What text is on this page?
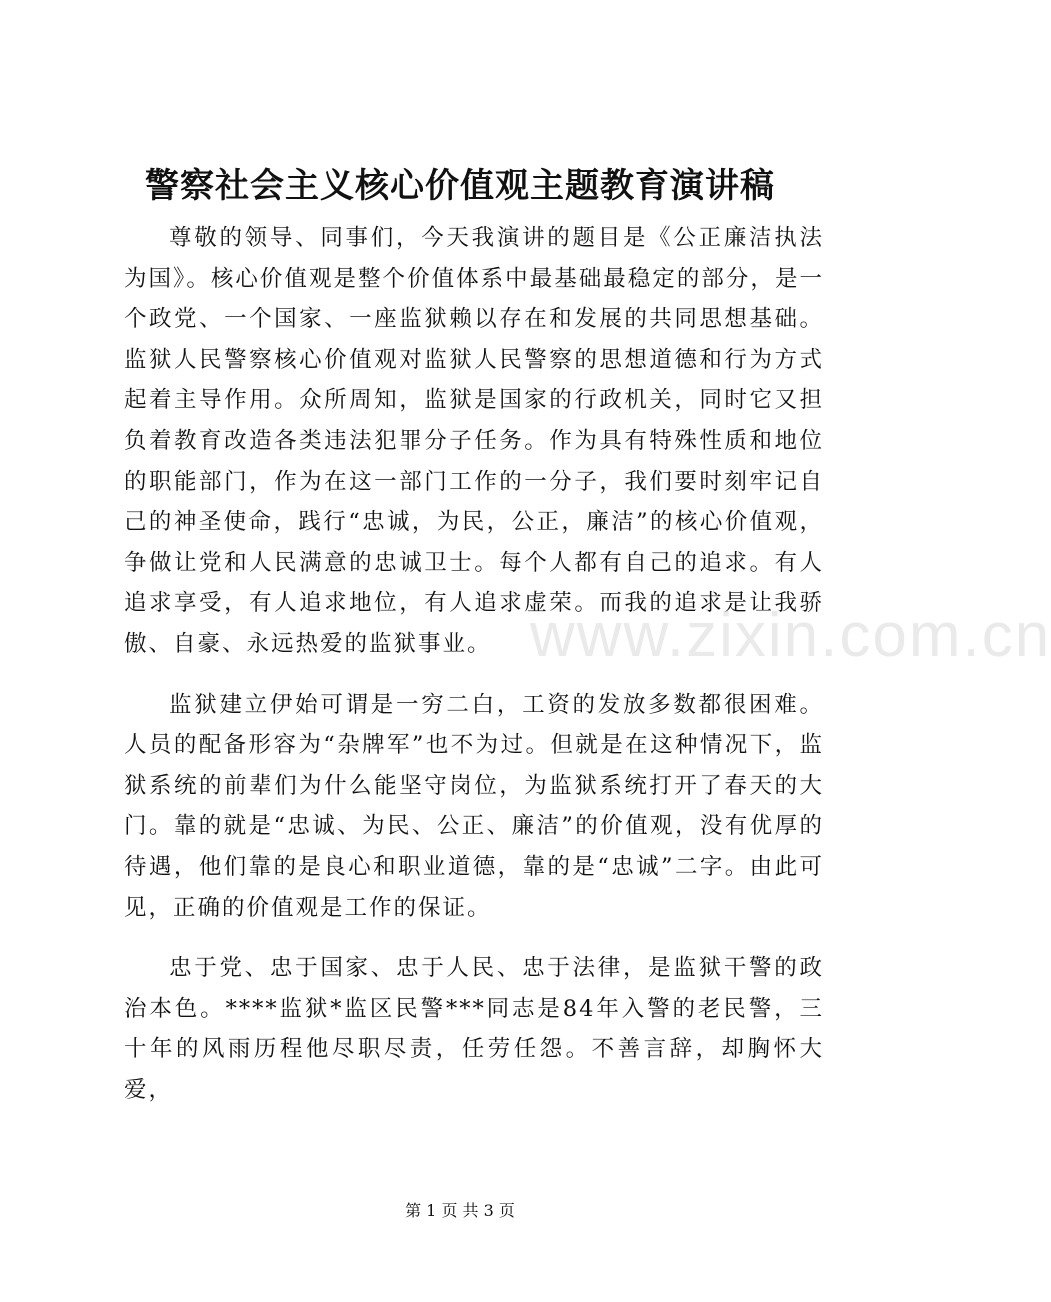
警察社会主义核心价值观主题教育演讲稿

尊敬的领导、同事们，今天我演讲的题目是《公正廉洁执法为国》。核心价值观是整个价值体系中最基础最稳定的部分，是一个政党、一个国家、一座监狱赖以存在和发展的共同思想基础。监狱人民警察核心价值观对监狱人民警察的思想道德和行为方式起着主导作用。众所周知，监狱是国家的行政机关，同时它又担负着教育改造各类违法犯罪分子任务。作为具有特殊性质和地位的职能部门，作为在这一部门工作的一分子，我们要时刻牢记自己的神圣使命，践行“忠诚，为民，公正，廉洁”的核心价值观，争做让党和人民满意的忠诚卫士。每个人都有自己的追求。有人追求享受，有人追求地位，有人追求虚荣。而我的追求是让我骄傲、自豪、永远热爱的监狱事业。

监狱建立伊始可谓是一穷二白，工资的发放多数都很困难。人员的配备形容为“杂牌军”也不为过。但就是在这种情况下，监狱系统的前辈们为什么能坚守岗位，为监狱系统打开了春天的大门。靠的就是“忠诚、为民、公正、廉洁”的价值观，没有优厚的待遇，他们靠的是良心和职业道德，靠的是“忠诚”二字。由此可见，正确的价值观是工作的保证。

忠于党、忠于国家、忠于人民、忠于法律，是监狱干警的政治本色。****监狱*监区民警***同志是84年入警的老民警，三十年的风雨历程他尽职尽责，任劳任怨。不善言辞，却胸怀大爱，

www.zixin.com.cn
第 1 页 共 3 页
